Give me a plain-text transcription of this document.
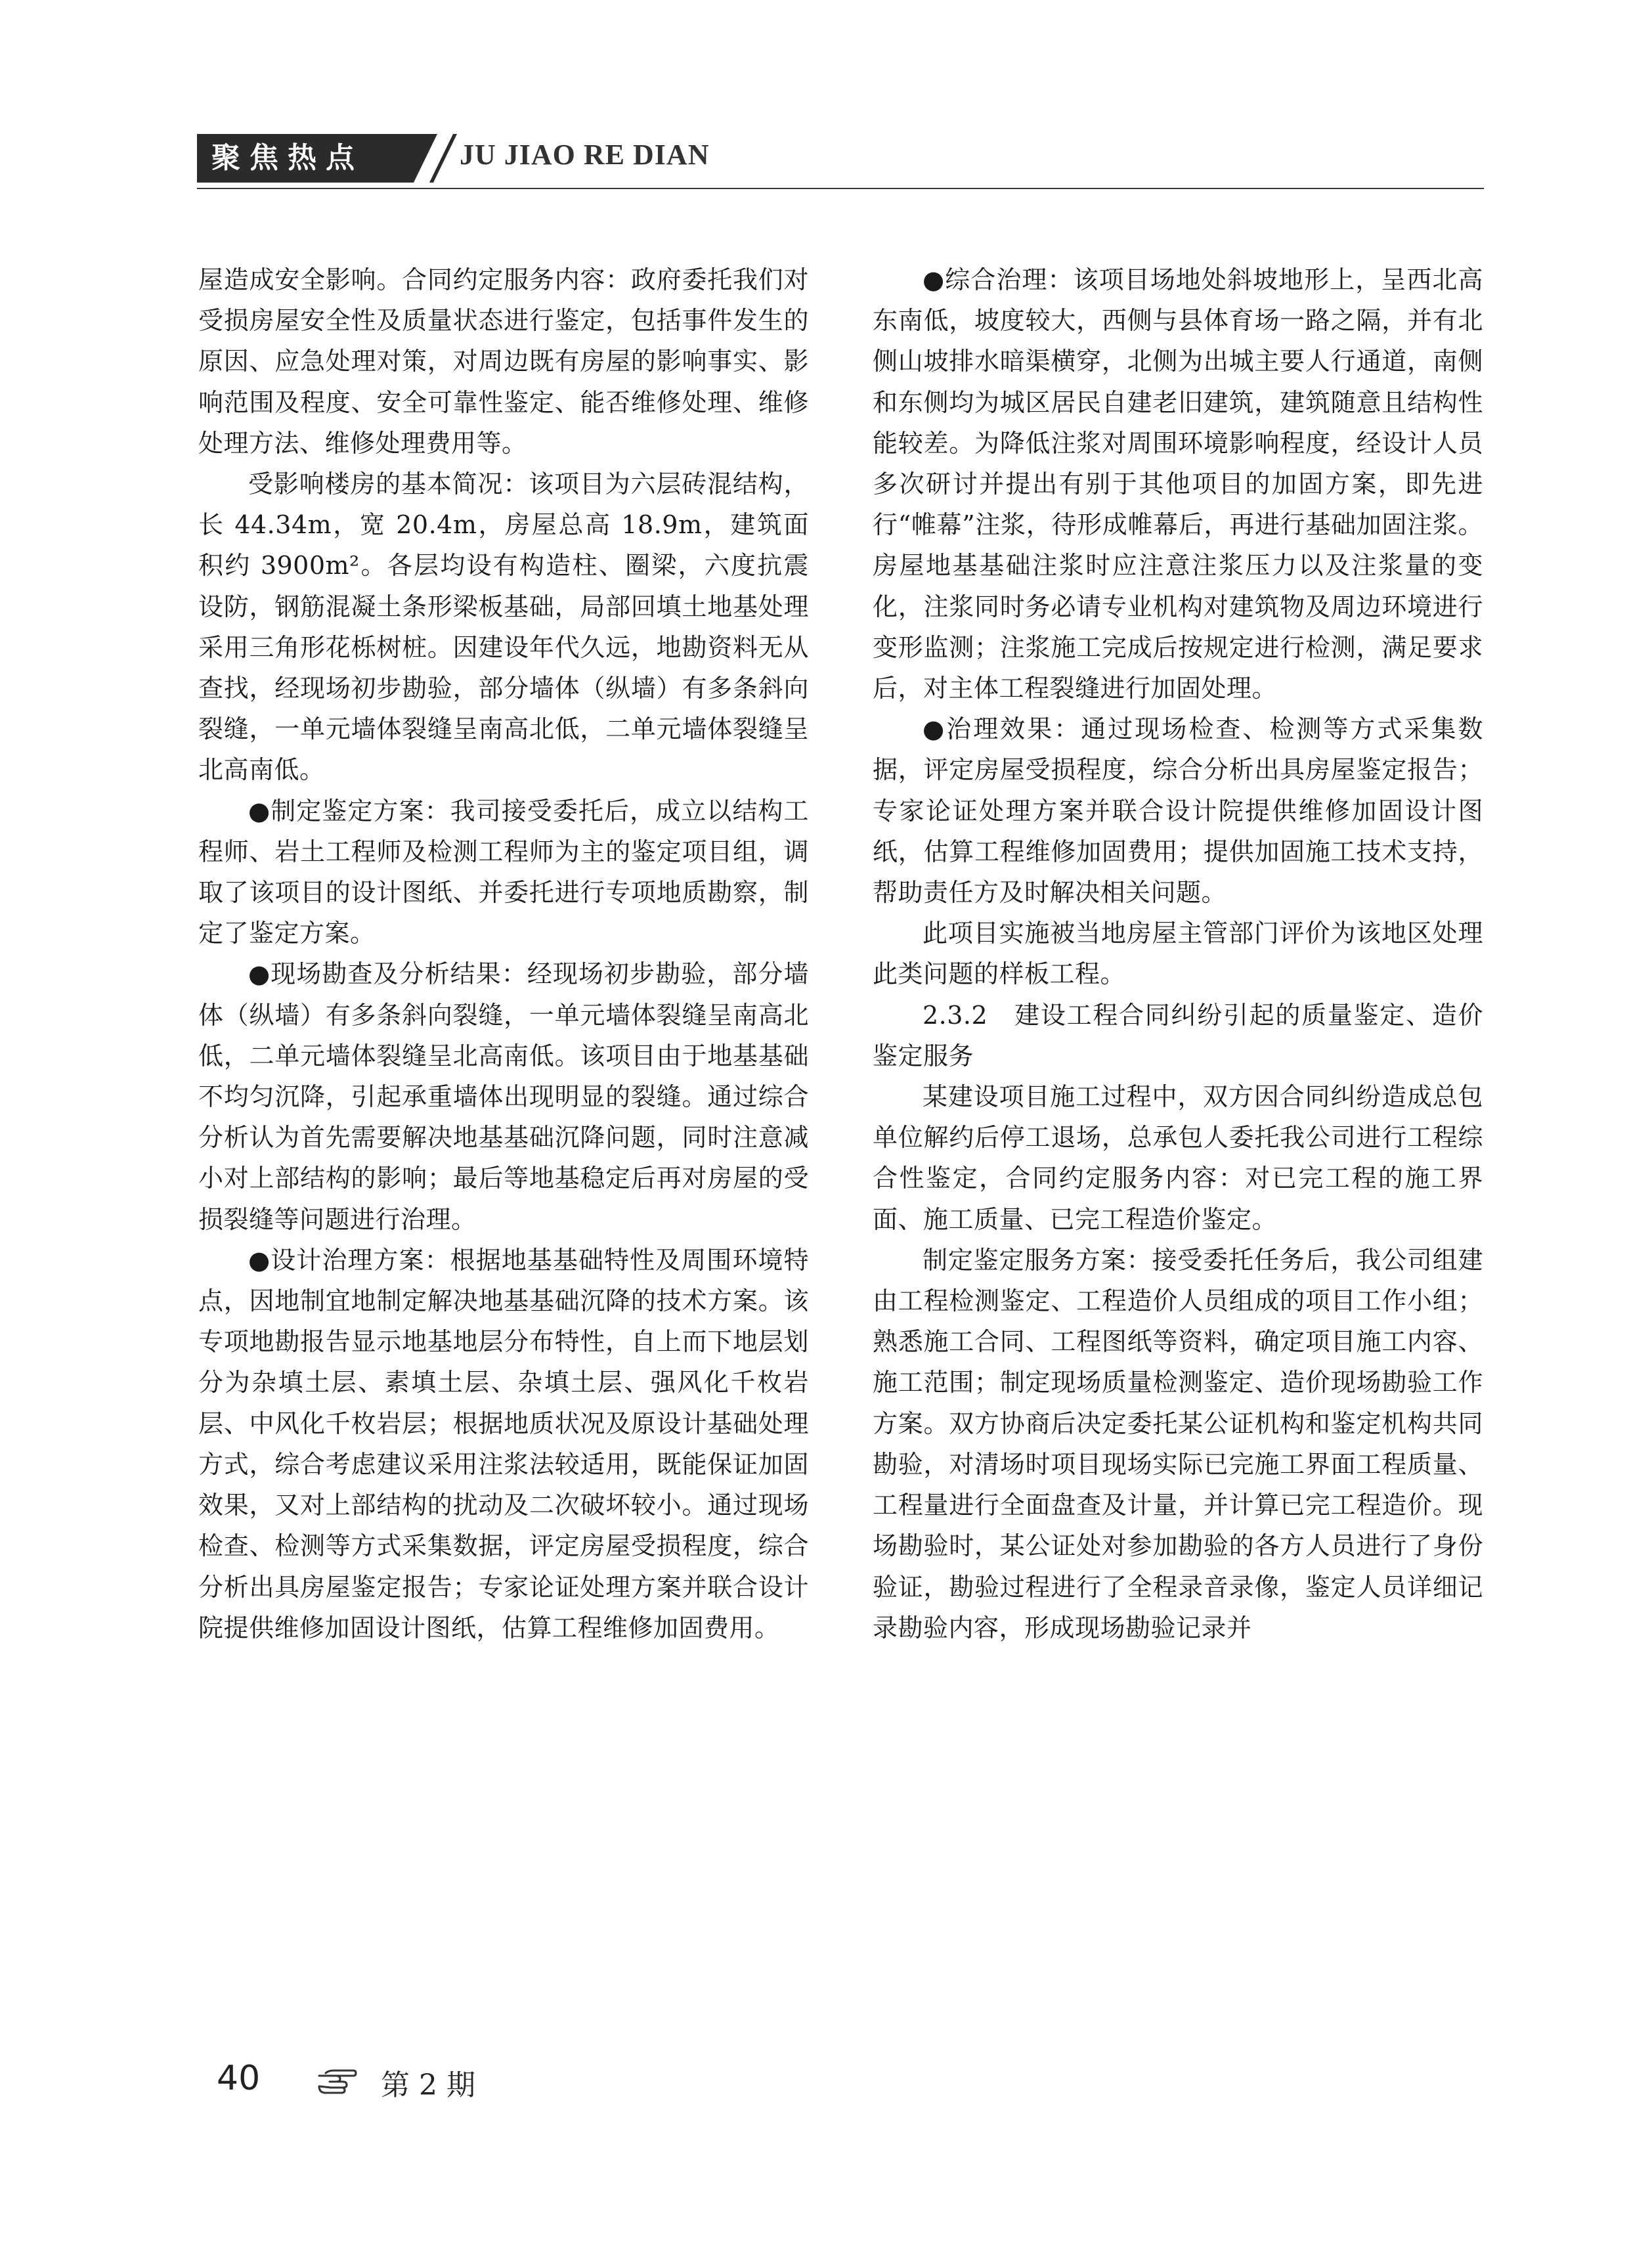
聚焦热点	JU JIAO RE DIAN

屋造成安全影响。合同约定服务内容：政府委托我们对受损房屋安全性及质量状态进行鉴定，包括事件发生的原因、应急处理对策，对周边既有房屋的影响事实、影响范围及程度、安全可靠性鉴定、能否维修处理、维修处理方法、维修处理费用等。

受影响楼房的基本简况：该项目为六层砖混结构，长 44.34m，宽 20.4m，房屋总高 18.9m，建筑面积约 3900m²。各层均设有构造柱、圈梁，六度抗震设防，钢筋混凝土条形梁板基础，局部回填土地基处理采用三角形花栎树桩。因建设年代久远，地勘资料无从查找，经现场初步勘验，部分墙体（纵墙）有多条斜向裂缝，一单元墙体裂缝呈南高北低，二单元墙体裂缝呈北高南低。

●制定鉴定方案：我司接受委托后，成立以结构工程师、岩土工程师及检测工程师为主的鉴定项目组，调取了该项目的设计图纸、并委托进行专项地质勘察，制定了鉴定方案。

●现场勘查及分析结果：经现场初步勘验，部分墙体（纵墙）有多条斜向裂缝，一单元墙体裂缝呈南高北低，二单元墙体裂缝呈北高南低。该项目由于地基基础不均匀沉降，引起承重墙体出现明显的裂缝。通过综合分析认为首先需要解决地基基础沉降问题，同时注意减小对上部结构的影响；最后等地基稳定后再对房屋的受损裂缝等问题进行治理。

●设计治理方案：根据地基基础特性及周围环境特点，因地制宜地制定解决地基基础沉降的技术方案。该专项地勘报告显示地基地层分布特性，自上而下地层划分为杂填土层、素填土层、杂填土层、强风化千枚岩层、中风化千枚岩层；根据地质状况及原设计基础处理方式，综合考虑建议采用注浆法较适用，既能保证加固效果，又对上部结构的扰动及二次破坏较小。通过现场检查、检测等方式采集数据，评定房屋受损程度，综合分析出具房屋鉴定报告；专家论证处理方案并联合设计院提供维修加固设计图纸，估算工程维修加固费用。

●综合治理：该项目场地处斜坡地形上，呈西北高东南低，坡度较大，西侧与县体育场一路之隔，并有北侧山坡排水暗渠横穿，北侧为出城主要人行通道，南侧和东侧均为城区居民自建老旧建筑，建筑随意且结构性能较差。为降低注浆对周围环境影响程度，经设计人员多次研讨并提出有别于其他项目的加固方案，即先进行“帷幕”注浆，待形成帷幕后，再进行基础加固注浆。房屋地基基础注浆时应注意注浆压力以及注浆量的变化，注浆同时务必请专业机构对建筑物及周边环境进行变形监测；注浆施工完成后按规定进行检测，满足要求后，对主体工程裂缝进行加固处理。

●治理效果：通过现场检查、检测等方式采集数据，评定房屋受损程度，综合分析出具房屋鉴定报告；专家论证处理方案并联合设计院提供维修加固设计图纸，估算工程维修加固费用；提供加固施工技术支持，帮助责任方及时解决相关问题。

此项目实施被当地房屋主管部门评价为该地区处理此类问题的样板工程。

2.3.2　建设工程合同纠纷引起的质量鉴定、造价鉴定服务

某建设项目施工过程中，双方因合同纠纷造成总包单位解约后停工退场，总承包人委托我公司进行工程综合性鉴定，合同约定服务内容：对已完工程的施工界面、施工质量、已完工程造价鉴定。

制定鉴定服务方案：接受委托任务后，我公司组建由工程检测鉴定、工程造价人员组成的项目工作小组；熟悉施工合同、工程图纸等资料，确定项目施工内容、施工范围；制定现场质量检测鉴定、造价现场勘验工作方案。双方协商后决定委托某公证机构和鉴定机构共同勘验，对清场时项目现场实际已完施工界面工程质量、工程量进行全面盘查及计量，并计算已完工程造价。现场勘验时，某公证处对参加勘验的各方人员进行了身份验证，勘验过程进行了全程录音录像，鉴定人员详细记录勘验内容，形成现场勘验记录并

40	第 2 期
